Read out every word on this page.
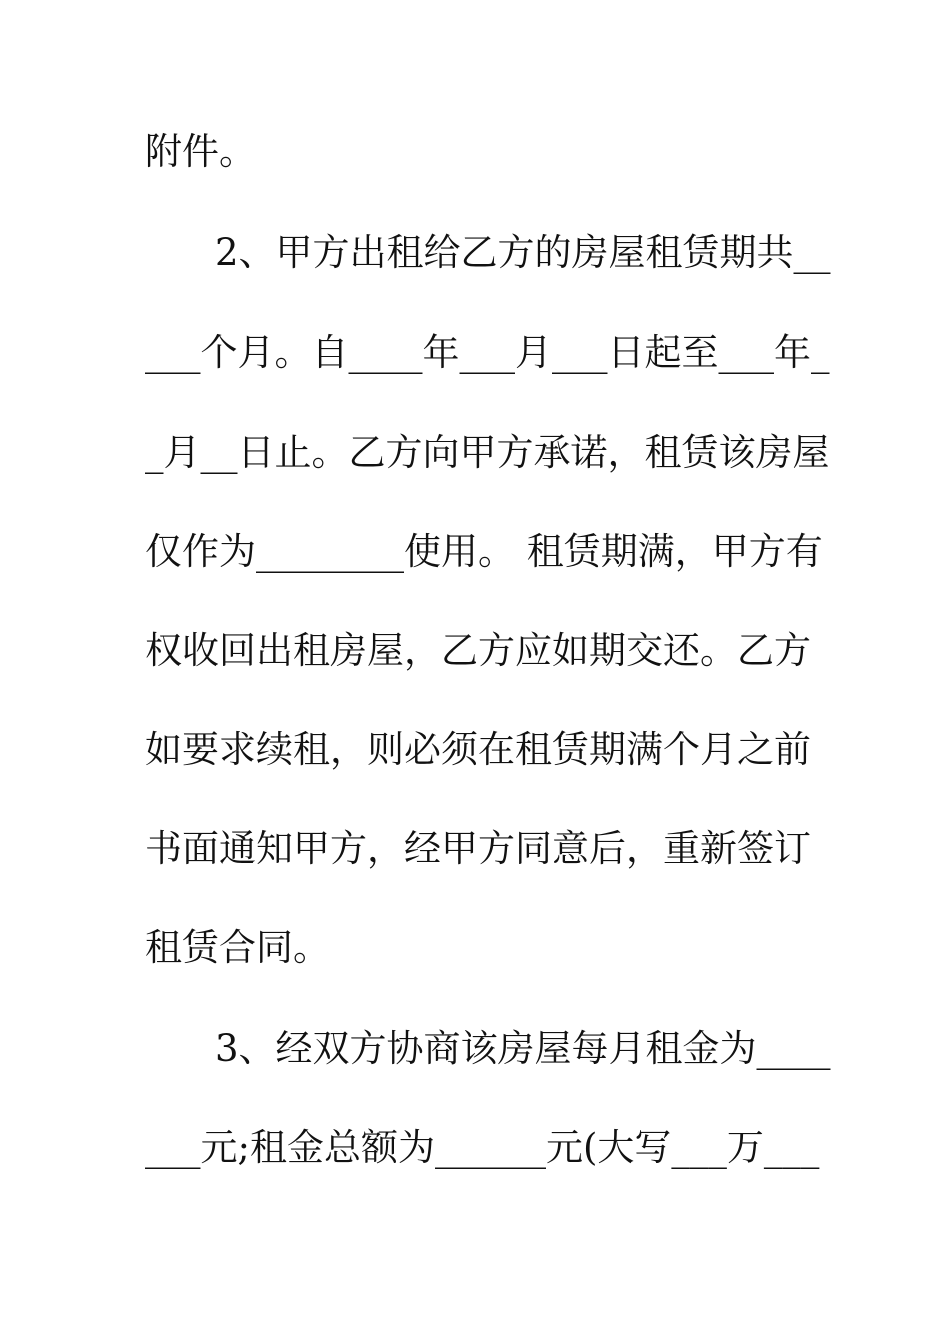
附件。
2、甲方出租给乙方的房屋租赁期共__
___个月。自____年___月___日起至___年_
_月__日止。乙方向甲方承诺，租赁该房屋
仅作为________使用。 租赁期满，甲方有
权收回出租房屋，乙方应如期交还。乙方
如要求续租，则必须在租赁期满个月之前
书面通知甲方，经甲方同意后，重新签订
租赁合同。
3、经双方协商该房屋每月租金为____
___元;租金总额为______元(大写___万___
